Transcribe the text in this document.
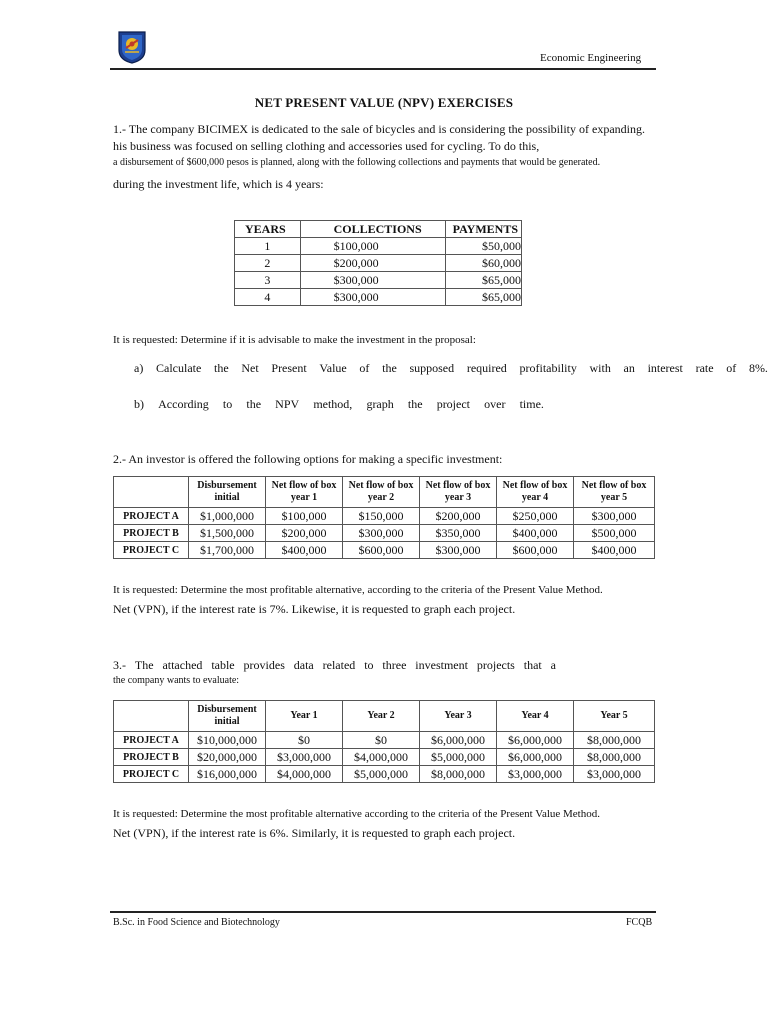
Economic Engineering
NET PRESENT VALUE (NPV) EXERCISES
1.- The company BICIMEX is dedicated to the sale of bicycles and is considering the possibility of expanding.
his business was focused on selling clothing and accessories used for cycling. To do this,
a disbursement of $600,000 pesos is planned, along with the following collections and payments that would be generated.
during the investment life, which is 4 years:
YEARS	COLLECTIONS	PAYMENTS
1	$100,000	$50,000
2	$200,000	$60,000
3	$300,000	$65,000
4	$300,000	$65,000
It is requested: Determine if it is advisable to make the investment in the proposal:
a) Calculate the Net Present Value of the supposed required profitability with an interest rate of 8%.
b) According to the NPV method, graph the project over time.
2.- An investor is offered the following options for making a specific investment:
	Disbursement initial	Net flow of box year 1	Net flow of box year 2	Net flow of box year 3	Net flow of box year 4	Net flow of box year 5
PROJECT A	$1,000,000	$100,000	$150,000	$200,000	$250,000	$300,000
PROJECT B	$1,500,000	$200,000	$300,000	$350,000	$400,000	$500,000
PROJECT C	$1,700,000	$400,000	$600,000	$300,000	$600,000	$400,000
It is requested: Determine the most profitable alternative, according to the criteria of the Present Value Method.
Net (VPN), if the interest rate is 7%. Likewise, it is requested to graph each project.
3.- The attached table provides data related to three investment projects that a
the company wants to evaluate:
	Disbursement initial	Year 1	Year 2	Year 3	Year 4	Year 5
PROJECT A	$10,000,000	$0	$0	$6,000,000	$6,000,000	$8,000,000
PROJECT B	$20,000,000	$3,000,000	$4,000,000	$5,000,000	$6,000,000	$8,000,000
PROJECT C	$16,000,000	$4,000,000	$5,000,000	$8,000,000	$3,000,000	$3,000,000
It is requested: Determine the most profitable alternative according to the criteria of the Present Value Method.
Net (VPN), if the interest rate is 6%. Similarly, it is requested to graph each project.
B.Sc. in Food Science and Biotechnology	FCQB
